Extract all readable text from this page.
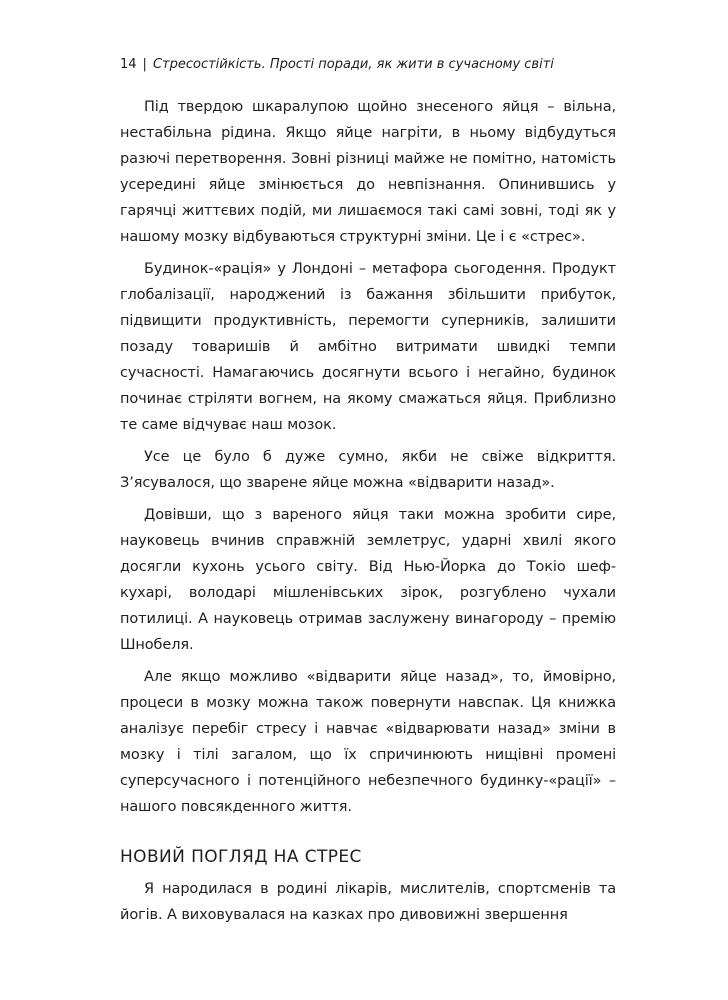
14 | Стресостійкість. Прості поради, як жити в сучасному світі

Під твердою шкаралупою щойно знесеного яйця – вільна, нестабільна рідина. Якщо яйце нагріти, в ньому відбудуться разючі перетворення. Зовні різниці майже не помітно, натомість усередині яйце змінюється до невпізнання. Опинившись у гарячці життєвих подій, ми лишаємося такі самі зовні, тоді як у нашому мозку відбуваються структурні зміни. Це і є «стрес».

Будинок-«рація» у Лондоні – метафора сьогодення. Продукт глобалізації, народжений із бажання збільшити прибуток, підвищити продуктивність, перемогти суперників, залишити позаду товаришів й амбітно витримати швидкі темпи сучасності. Намагаючись досягнути всього і негайно, будинок починає стріляти вогнем, на якому смажаться яйця. Приблизно те саме відчуває наш мозок.

Усе це було б дуже сумно, якби не свіже відкриття. З’ясувалося, що зварене яйце можна «відварити назад».

Довівши, що з вареного яйця таки можна зробити сире, науковець вчинив справжній землетрус, ударні хвилі якого досягли кухонь усього світу. Від Нью-Йорка до Токіо шеф-кухарі, володарі мішленівських зірок, розгублено чухали потилиці. А науковець отримав заслужену винагороду – премію Шнобеля.

Але якщо можливо «відварити яйце назад», то, ймовірно, процеси в мозку можна також повернути навспак. Ця книжка аналізує перебіг стресу і навчає «відварювати назад» зміни в мозку і тілі загалом, що їх спричинюють нищівні промені суперсучасного і потенційного небезпечного будинку-«рації» – нашого повсякденного життя.

НОВИЙ ПОГЛЯД НА СТРЕС

Я народилася в родині лікарів, мислителів, спортсменів та йогів. А виховувалася на казках про дивовижні звершення
